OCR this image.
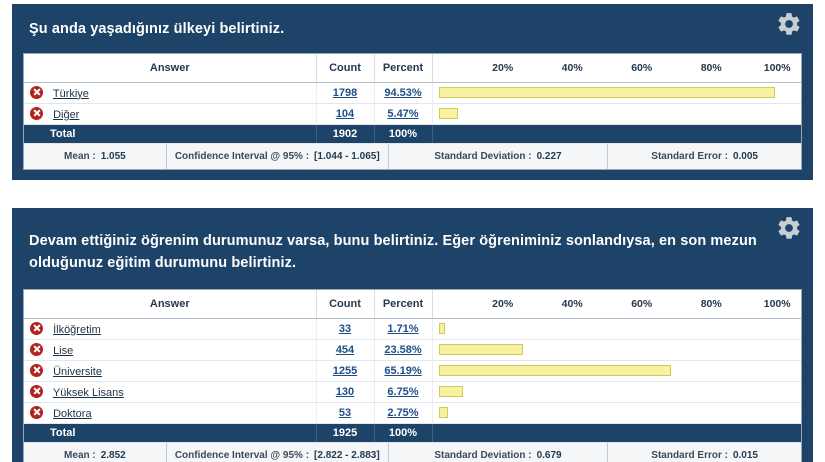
Şu anda yaşadığınız ülkeyi belirtiniz.
Answer	Count	Percent	20% 40% 60% 80% 100%

Türkiye	1798	94.53%	

Diğer	104	5.47%	

Total	1902	100%	
Mean : 1.055	Confidence Interval @ 95% : [1.044 - 1.065]	Standard Deviation : 0.227	Standard Error : 0.005
Devam ettiğiniz öğrenim durumunuz varsa, bunu belirtiniz. Eğer öğreniminiz sonlandıysa, en son mezun olduğunuz eğitim durumunu belirtiniz.
Answer	Count	Percent	20% 40% 60% 80% 100%

İlköğretim	33	1.71%	

Lise	454	23.58%	

Üniversite	1255	65.19%	

Yüksek Lisans	130	6.75%	

Doktora	53	2.75%	

Total	1925	100%	
Mean : 2.852	Confidence Interval @ 95% : [2.822 - 2.883]	Standard Deviation : 0.679	Standard Error : 0.015
